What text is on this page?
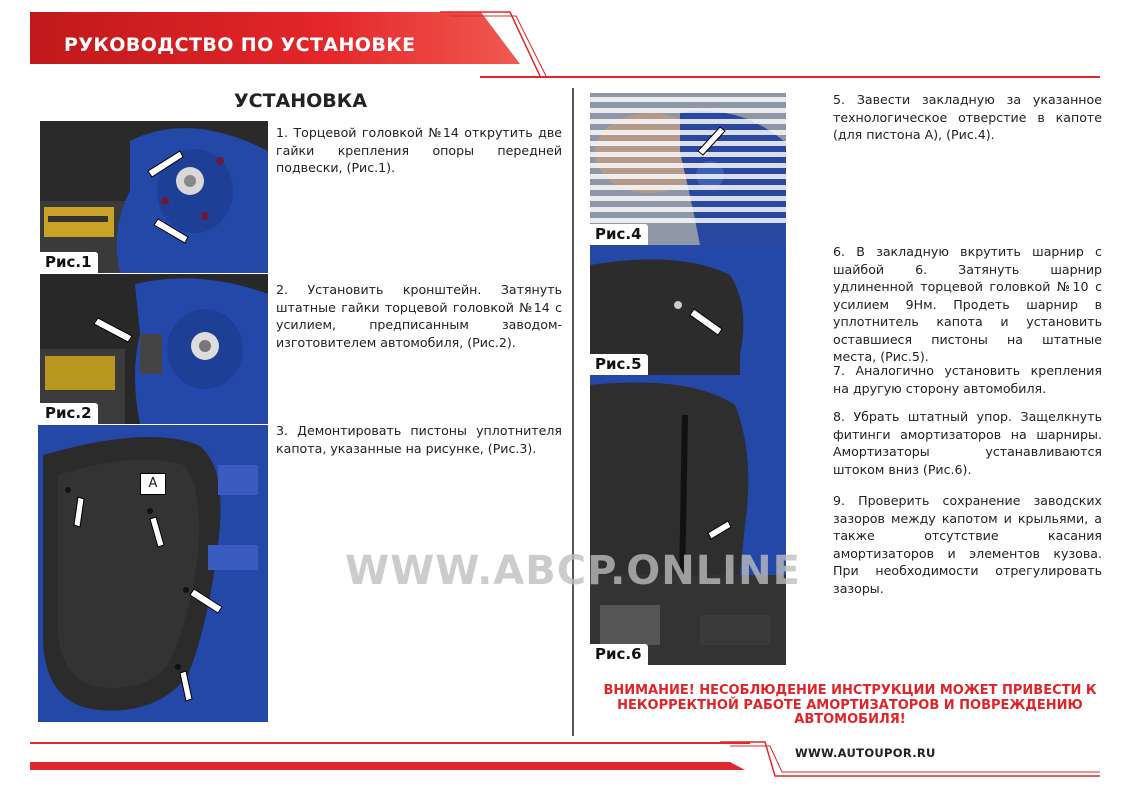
РУКОВОДСТВО ПО УСТАНОВКЕ
УСТАНОВКА
Рис.1
Рис.2
A
1. Торцевой головкой №14 открутить две гайки крепления опоры передней подвески, (Рис.1).
2. Установить кронштейн. Затянуть штатные гайки торцевой головкой №14 с усилием, предписанным заводом-изготовителем автомобиля, (Рис.2).
3. Демонтировать пистоны уплотнителя капота, указанные на рисунке, (Рис.3).
Рис.4
Рис.5
Рис.6
5. Завести закладную за указанное технологическое отверстие в капоте (для пистона А), (Рис.4).
6. В закладную вкрутить шарнир с шайбой 6. Затянуть шарнир удлиненной торцевой головкой №10 с усилием 9Нм. Продеть шарнир в уплотнитель капота и установить оставшиеся пистоны на штатные места, (Рис.5).
7. Аналогично установить крепления на другую сторону автомобиля.
8. Убрать штатный упор. Защелкнуть фитинги амортизаторов на шарниры. Амортизаторы устанавливаются штоком вниз (Рис.6).
9. Проверить сохранение заводских зазоров между капотом и крыльями, а также отсутствие касания амортизаторов и элементов кузова. При необходимости отрегулировать зазоры.
WWW.ABCP.ONLINE
ВНИМАНИЕ! НЕСОБЛЮДЕНИЕ ИНСТРУКЦИИ МОЖЕТ ПРИВЕСТИ К НЕКОРРЕКТНОЙ РАБОТЕ АМОРТИЗАТОРОВ И ПОВРЕЖДЕНИЮ АВТОМОБИЛЯ!
WWW.AUTOUPOR.RU
